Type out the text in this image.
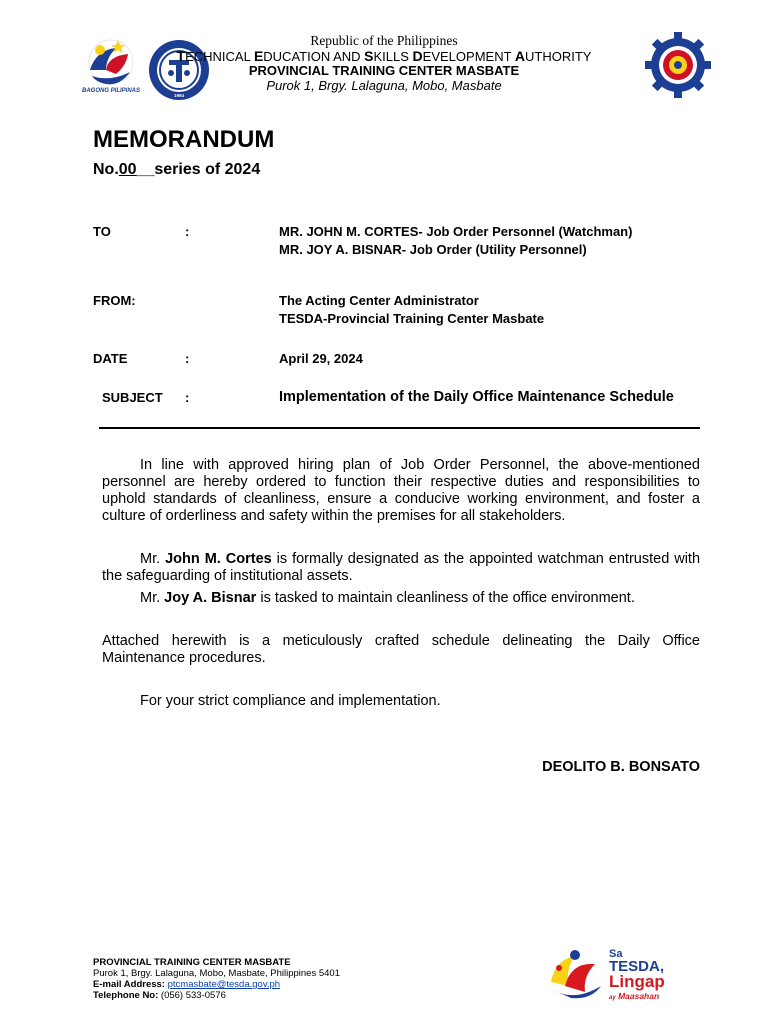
BAGONG PILIPINAS
1994
Republic of the Philippines
TECHNICAL EDUCATION AND SKILLS DEVELOPMENT AUTHORITY
PROVINCIAL TRAINING CENTER MASBATE
Purok 1, Brgy. Lalaguna, Mobo, Masbate
MEMORANDUM
No.00__series of 2024
TO	:	MR. JOHN M. CORTES- Job Order Personnel (Watchman)
MR. JOY A. BISNAR- Job Order (Utility Personnel)
FROM:	The Acting Center Administrator
TESDA-Provincial Training Center Masbate
DATE	:	April 29, 2024
SUBJECT :	Implementation of the Daily Office Maintenance Schedule
In line with approved hiring plan of Job Order Personnel, the above-mentioned personnel are hereby ordered to function their respective duties and responsibilities to uphold standards of cleanliness, ensure a conducive working environment, and foster a culture of orderliness and safety within the premises for all stakeholders.
Mr. John M. Cortes is formally designated as the appointed watchman entrusted with the safeguarding of institutional assets.
Mr. Joy A. Bisnar is tasked to maintain cleanliness of the office environment.
Attached herewith is a meticulously crafted schedule delineating the Daily Office Maintenance procedures.
For your strict compliance and implementation.
DEOLITO B. BONSATO
PROVINCIAL TRAINING CENTER MASBATE
Purok 1, Brgy. Lalaguna, Mobo, Masbate, Philippines 5401
E-mail Address: ptcmasbate@tesda.gov.ph
Telephone No: (056) 533-0576
Sa
TESDA,
Lingap
ay Maasahan
